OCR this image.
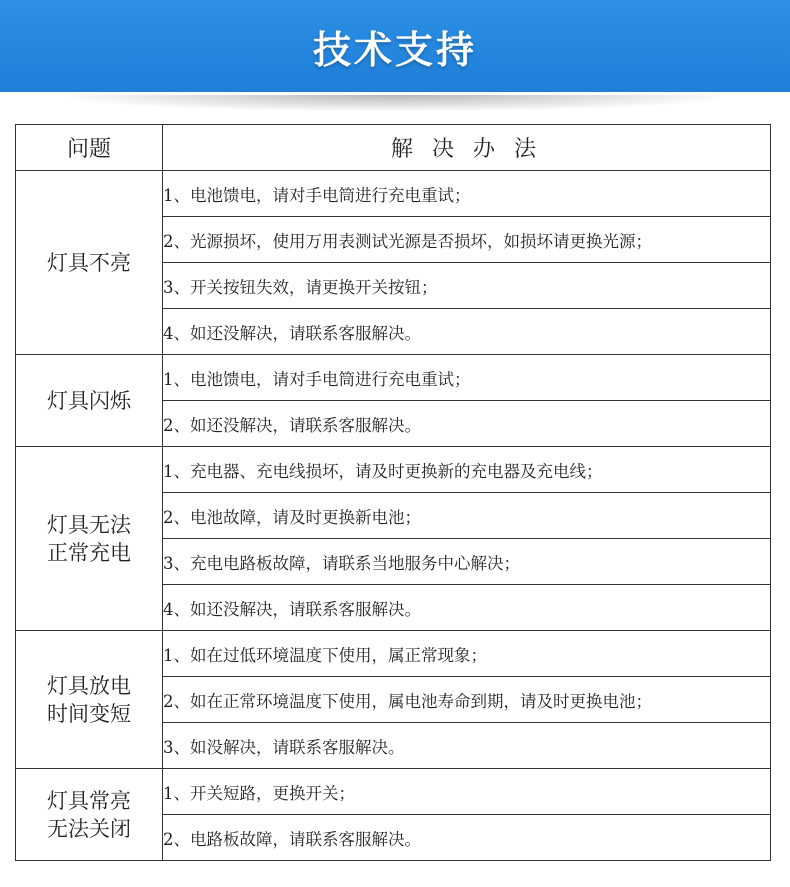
技术支持
问题	解 决 办 法

灯具不亮	1、电池馈电，请对手电筒进行充电重试；
	2、光源损坏，使用万用表测试光源是否损坏，如损坏请更换光源；
	3、开关按钮失效，请更换开关按钮；
	4、如还没解决，请联系客服解决。

灯具闪烁	1、电池馈电，请对手电筒进行充电重试；
	2、如还没解决，请联系客服解决。

灯具无法
正常充电	1、充电器、充电线损坏，请及时更换新的充电器及充电线；
	2、电池故障，请及时更换新电池；
	3、充电电路板故障，请联系当地服务中心解决；
	4、如还没解决，请联系客服解决。

灯具放电
时间变短	1、如在过低环境温度下使用，属正常现象；
	2、如在正常环境温度下使用，属电池寿命到期，请及时更换电池；
	3、如没解决，请联系客服解决。

灯具常亮
无法关闭	1、开关短路，更换开关；
	2、电路板故障，请联系客服解决。
